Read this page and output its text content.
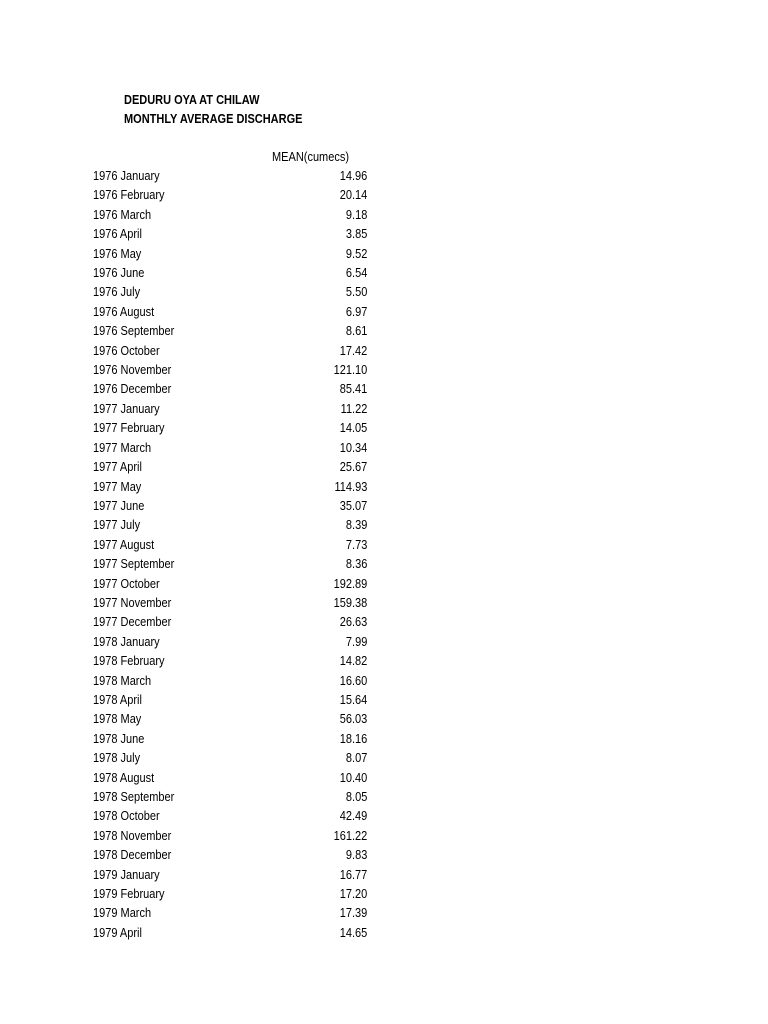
DEDURU OYA AT CHILAW
MONTHLY AVERAGE DISCHARGE
MEAN(cumecs)
1976 January	14.96
1976 February	20.14
1976 March	9.18
1976 April	3.85
1976 May	9.52
1976 June	6.54
1976 July	5.50
1976 August	6.97
1976 September	8.61
1976 October	17.42
1976 November	121.10
1976 December	85.41
1977 January	11.22
1977 February	14.05
1977 March	10.34
1977 April	25.67
1977 May	114.93
1977 June	35.07
1977 July	8.39
1977 August	7.73
1977 September	8.36
1977 October	192.89
1977 November	159.38
1977 December	26.63
1978 January	7.99
1978 February	14.82
1978 March	16.60
1978 April	15.64
1978 May	56.03
1978 June	18.16
1978 July	8.07
1978 August	10.40
1978 September	8.05
1978 October	42.49
1978 November	161.22
1978 December	9.83
1979 January	16.77
1979 February	17.20
1979 March	17.39
1979 April	14.65
